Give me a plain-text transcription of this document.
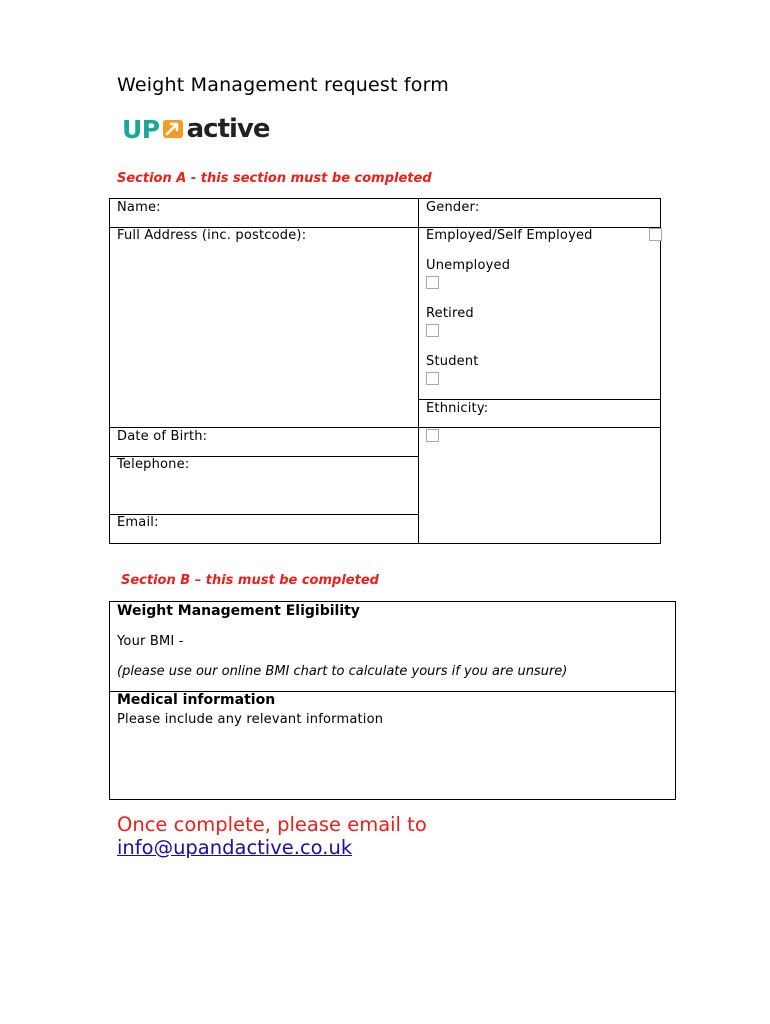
Weight Management request form
UP active
Section A - this section must be completed
Name:	Gender:
Full Address (inc. postcode):	Employed/Self Employed
Unemployed
Retired
Student
Ethnicity:
Date of Birth:
Telephone:
Email:
Section B – this must be completed
Weight Management Eligibility
Your BMI -
(please use our online BMI chart to calculate yours if you are unsure)
Medical information
Please include any relevant information
Once complete, please email to
info@upandactive.co.uk
